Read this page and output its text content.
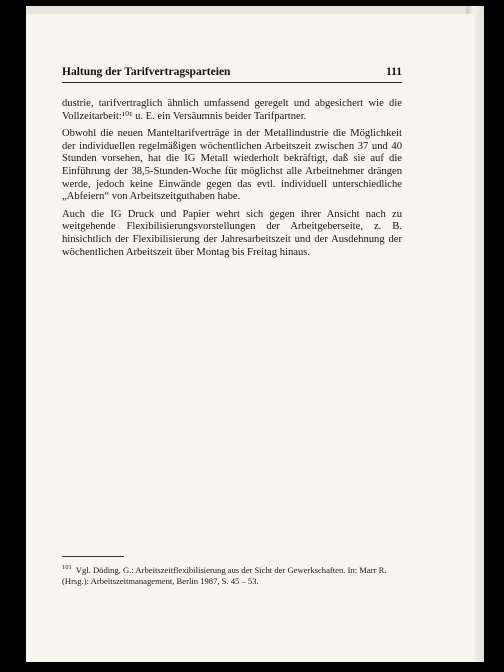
Haltung der Tarifvertragsparteien	111

dustrie, tarifvertraglich ähnlich umfassend geregelt und abgesichert wie die Vollzeitarbeit:¹⁰¹ u. E. ein Versäumnis beider Tarifpartner.

Obwohl die neuen Manteltarifverträge in der Metallindustrie die Möglichkeit der individuellen regelmäßigen wöchentlichen Arbeitszeit zwischen 37 und 40 Stunden vorsehen, hat die IG Metall wiederholt bekräftigt, daß sie auf die Einführung der 38,5-Stunden-Woche für möglichst alle Arbeitnehmer drängen werde, jedoch keine Einwände gegen das evtl. individuell unterschiedliche „Abfeiern“ von Arbeitszeitguthaben habe.

Auch die IG Druck und Papier wehrt sich gegen ihrer Ansicht nach zu weitgehende Flexibilisierungsvorstellungen der Arbeitgeberseite, z. B. hinsichtlich der Flexibilisierung der Jahresarbeitszeit und der Ausdehnung der wöchentlichen Arbeitszeit über Montag bis Freitag hinaus.

$^{101}$ Vgl. Döding, G.: Arbeitszeitflexibilisierung aus der Sicht der Gewerkschaften. In: Marr R. (Hrsg.): Arbeitszeitmanagement, Berlin 1987, S. 45 – 53.
